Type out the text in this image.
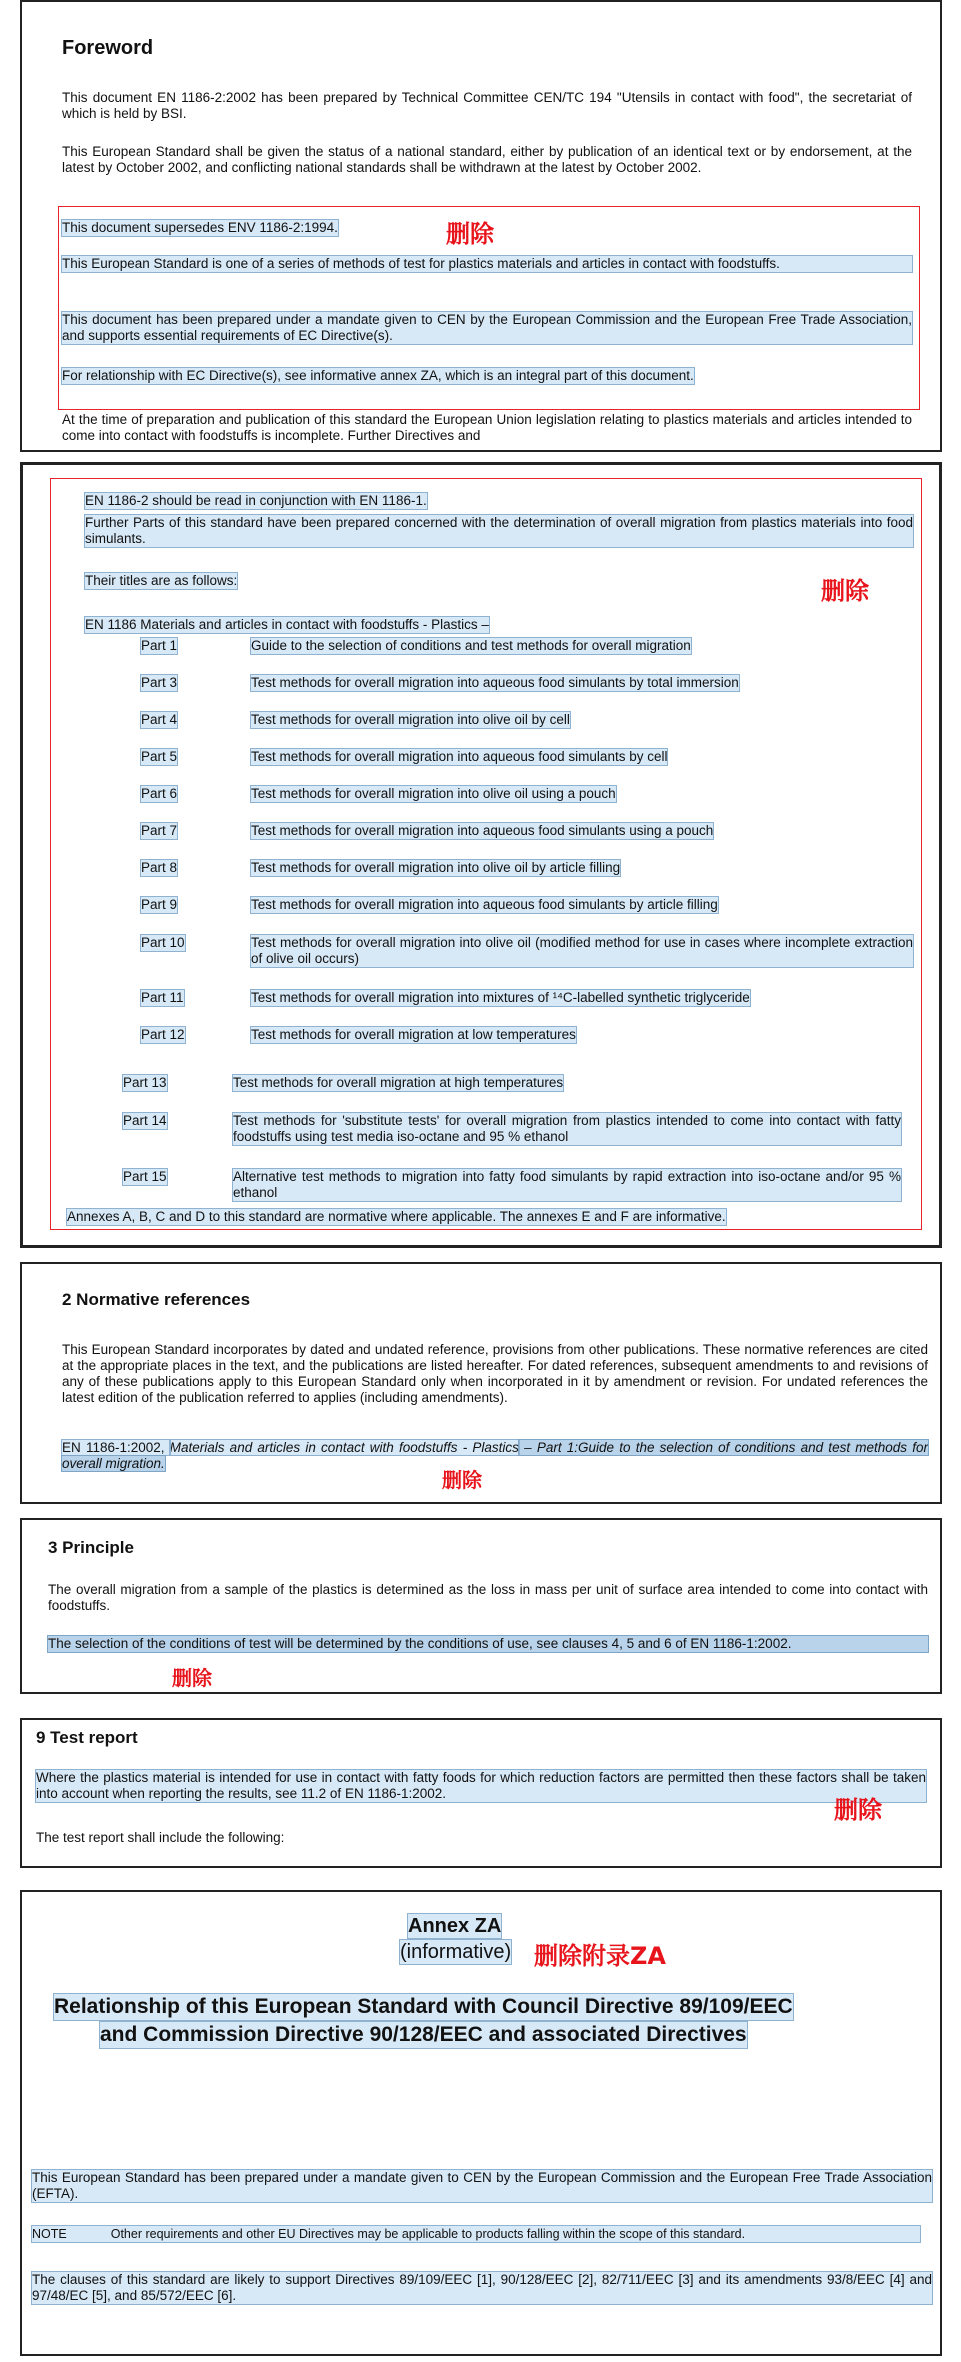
Foreword
This document EN 1186-2:2002 has been prepared by Technical Committee CEN/TC 194 "Utensils in contact with food", the secretariat of which is held by BSI.
This European Standard shall be given the status of a national standard, either by publication of an identical text or by endorsement, at the latest by October 2002, and conflicting national standards shall be withdrawn at the latest by October 2002.
This document supersedes ENV 1186-2:1994.	删除
This European Standard is one of a series of methods of test for plastics materials and articles in contact with foodstuffs.
This document has been prepared under a mandate given to CEN by the European Commission and the European Free Trade Association, and supports essential requirements of EC Directive(s).
For relationship with EC Directive(s), see informative annex ZA, which is an integral part of this document.
At the time of preparation and publication of this standard the European Union legislation relating to plastics materials and articles intended to come into contact with foodstuffs is incomplete. Further Directives and
EN 1186-2 should be read in conjunction with EN 1186-1.
Further Parts of this standard have been prepared concerned with the determination of overall migration from plastics materials into food simulants.
Their titles are as follows:	删除
EN 1186 Materials and articles in contact with foodstuffs - Plastics –
Part 1	Guide to the selection of conditions and test methods for overall migration
Part 3	Test methods for overall migration into aqueous food simulants by total immersion
Part 4	Test methods for overall migration into olive oil by cell
Part 5	Test methods for overall migration into aqueous food simulants by cell
Part 6	Test methods for overall migration into olive oil using a pouch
Part 7	Test methods for overall migration into aqueous food simulants using a pouch
Part 8	Test methods for overall migration into olive oil by article filling
Part 9	Test methods for overall migration into aqueous food simulants by article filling
Part 10	Test methods for overall migration into olive oil (modified method for use in cases where incomplete extraction of olive oil occurs)
Part 11	Test methods for overall migration into mixtures of ¹⁴C-labelled synthetic triglyceride
Part 12	Test methods for overall migration at low temperatures
Part 13	Test methods for overall migration at high temperatures
Part 14	Test methods for 'substitute tests' for overall migration from plastics intended to come into contact with fatty foodstuffs using test media iso-octane and 95 % ethanol
Part 15	Alternative test methods to migration into fatty food simulants by rapid extraction into iso-octane and/or 95 % ethanol
Annexes A, B, C and D to this standard are normative where applicable. The annexes E and F are informative.
2 Normative references
This European Standard incorporates by dated and undated reference, provisions from other publications. These normative references are cited at the appropriate places in the text, and the publications are listed hereafter. For dated references, subsequent amendments to and revisions of any of these publications apply to this European Standard only when incorporated in it by amendment or revision. For undated references the latest edition of the publication referred to applies (including amendments).
EN 1186-1:2002, Materials and articles in contact with foodstuffs - Plastics – Part 1:Guide to the selection of conditions and test methods for overall migration.
删除
3 Principle
The overall migration from a sample of the plastics is determined as the loss in mass per unit of surface area intended to come into contact with foodstuffs.
The selection of the conditions of test will be determined by the conditions of use, see clauses 4, 5 and 6 of EN 1186-1:2002.
删除
9 Test report
Where the plastics material is intended for use in contact with fatty foods for which reduction factors are permitted then these factors shall be taken into account when reporting the results, see 11.2 of EN 1186-1:2002.
删除
The test report shall include the following:
Annex ZA
(informative) 删除附录ZA
Relationship of this European Standard with Council Directive 89/109/EEC
and Commission Directive 90/128/EEC and associated Directives
This European Standard has been prepared under a mandate given to CEN by the European Commission and the European Free Trade Association (EFTA).
NOTE	Other requirements and other EU Directives may be applicable to products falling within the scope of this standard.
The clauses of this standard are likely to support Directives 89/109/EEC [1], 90/128/EEC [2], 82/711/EEC [3] and its amendments 93/8/EEC [4] and 97/48/EC [5], and 85/572/EEC [6].
